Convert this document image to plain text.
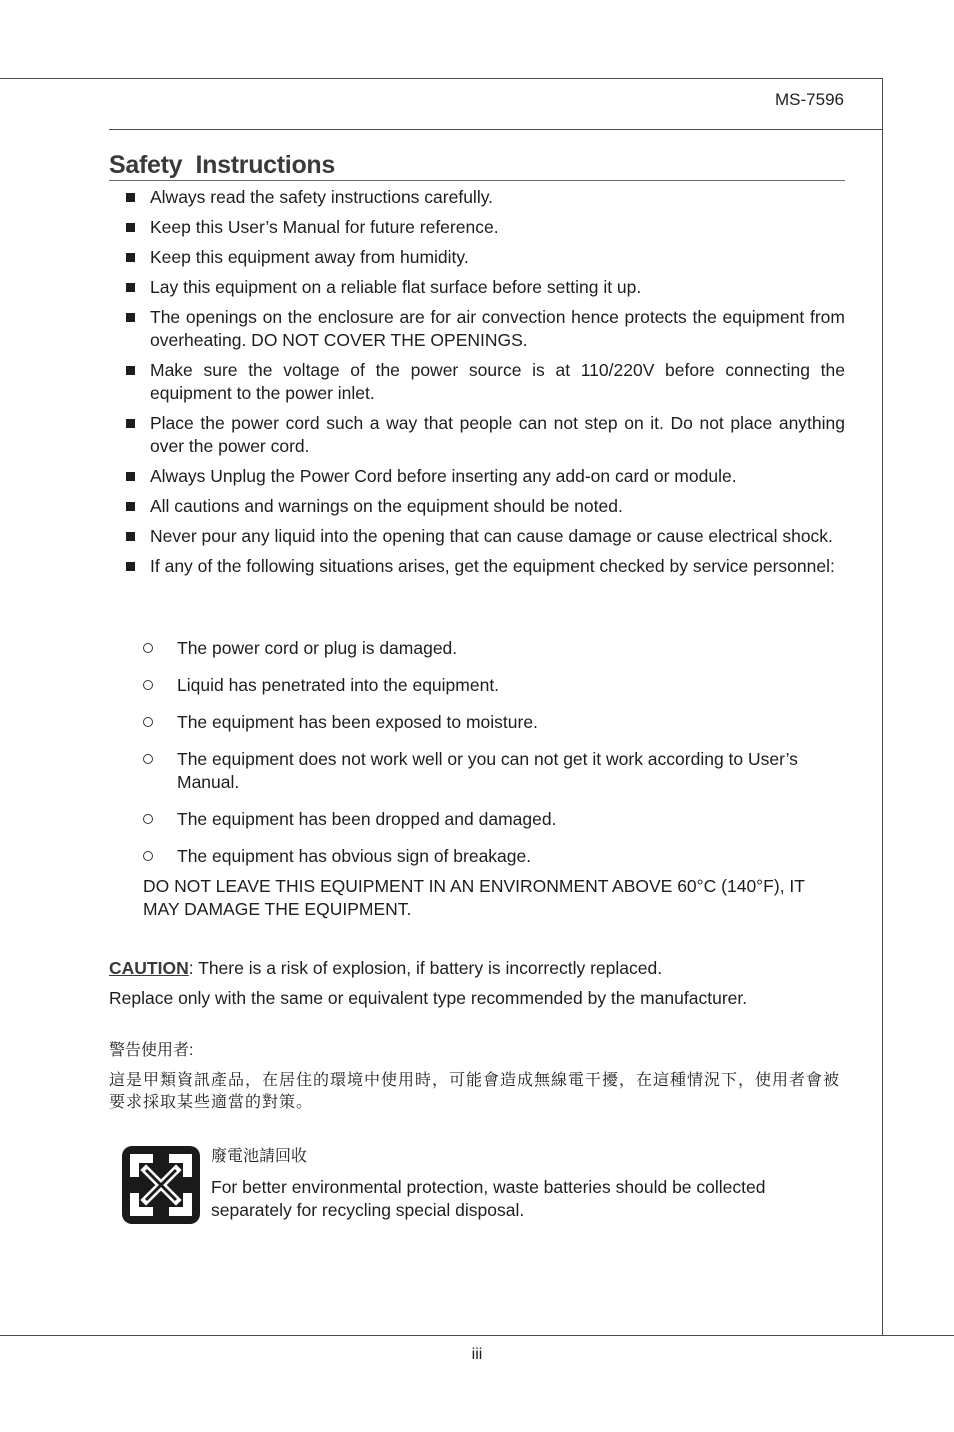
MS-7596
Safety  Instructions
Always read the safety instructions carefully.
Keep this User’s Manual for future reference.
Keep this equipment away from humidity.
Lay this equipment on a reliable flat surface before setting it up.
The openings on the enclosure are for air convection hence protects the equipment from overheating. DO NOT COVER THE OPENINGS.
Make sure the voltage of the power source is at 110/220V before connecting the equipment to the power inlet.
Place the power cord such a way that people can not step on it. Do not place anything over the power cord.
Always Unplug the Power Cord before inserting any add-on card or module.
All cautions and warnings on the equipment should be noted.
Never pour any liquid into the opening that can cause damage or cause electrical shock.
If any of the following situations arises, get the equipment checked by service personnel:
The power cord or plug is damaged.
Liquid has penetrated into the equipment.
The equipment has been exposed to moisture.
The equipment does not work well or you can not get it work according to User’s Manual.
The equipment has been dropped and damaged.
The equipment has obvious sign of breakage.
DO NOT LEAVE THIS EQUIPMENT IN AN ENVIRONMENT ABOVE 60°C (140°F), IT MAY DAMAGE THE EQUIPMENT.
CAUTION: There is a risk of explosion, if battery is incorrectly replaced.
Replace only with the same or equivalent type recommended by the manufacturer.
警告使用者:
這是甲類資訊產品，在居住的環境中使用時，可能會造成無線電干擾，在這種情況下，使用者會被要求採取某些適當的對策。
廢電池請回收
For better environmental protection, waste batteries should be collected separately for recycling special disposal.
iii
